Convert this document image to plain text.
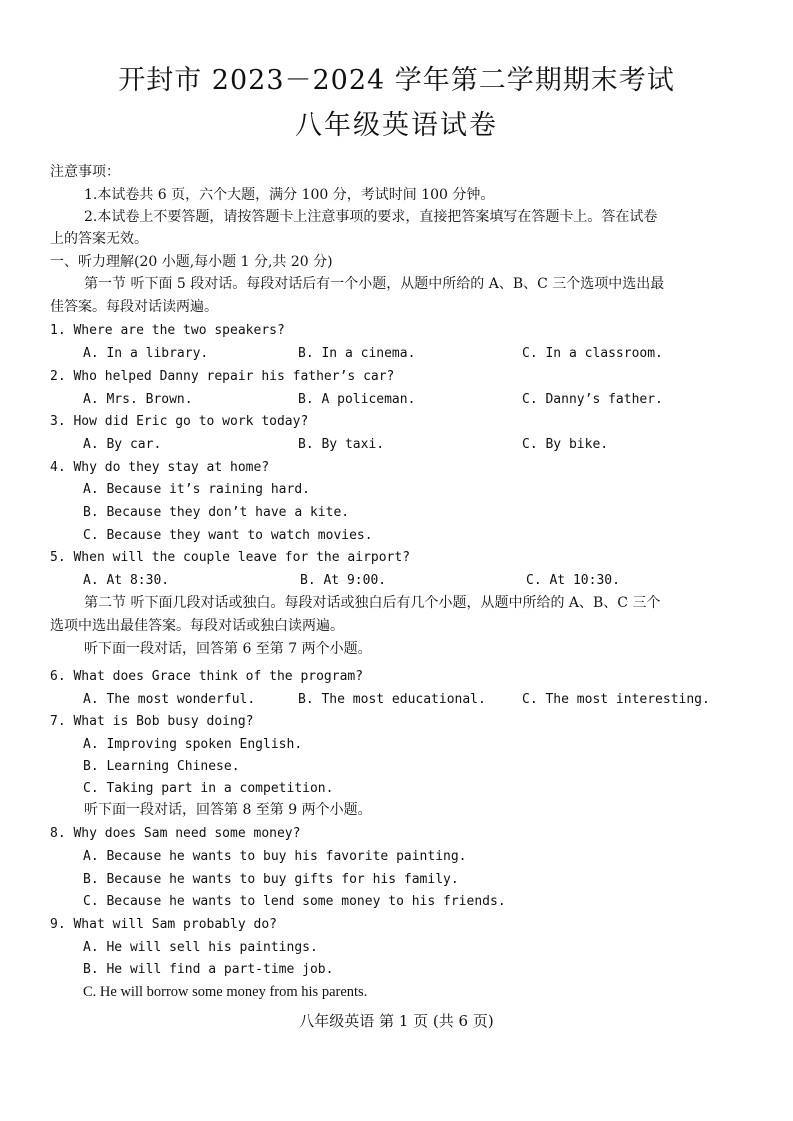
开封市 2023－2024 学年第二学期期末考试
八年级英语试卷
注意事项：
1.本试卷共 6 页，六个大题，满分 100 分，考试时间 100 分钟。
2.本试卷上不要答题，请按答题卡上注意事项的要求，直接把答案填写在答题卡上。答在试卷
上的答案无效。
一、听力理解(20 小题,每小题 1 分,共 20 分)
第一节 听下面 5 段对话。每段对话后有一个小题，从题中所给的 A、B、C 三个选项中选出最
佳答案。每段对话读两遍。
1. Where are the two speakers?
A. In a library.	B. In a cinema.	C. In a classroom.
2. Who helped Danny repair his father’s car?
A. Mrs. Brown.	B. A policeman.	C. Danny’s father.
3. How did Eric go to work today?
A. By car.	B. By taxi.	C. By bike.
4. Why do they stay at home?
A. Because it’s raining hard.
B. Because they don’t have a kite.
C. Because they want to watch movies.
5. When will the couple leave for the airport?
A. At 8:30.	B. At 9:00.	C. At 10:30.
第二节 听下面几段对话或独白。每段对话或独白后有几个小题，从题中所给的 A、B、C 三个
选项中选出最佳答案。每段对话或独白读两遍。
听下面一段对话，回答第 6 至第 7 两个小题。
6. What does Grace think of the program?
A. The most wonderful.	B. The most educational.	C. The most interesting.
7. What is Bob busy doing?
A. Improving spoken English.
B. Learning Chinese.
C. Taking part in a competition.
听下面一段对话，回答第 8 至第 9 两个小题。
8. Why does Sam need some money?
A. Because he wants to buy his favorite painting.
B. Because he wants to buy gifts for his family.
C. Because he wants to lend some money to his friends.
9. What will Sam probably do?
A. He will sell his paintings.
B. He will find a part-time job.
C. He will borrow some money from his parents.
八年级英语 第 1 页 (共 6 页)
